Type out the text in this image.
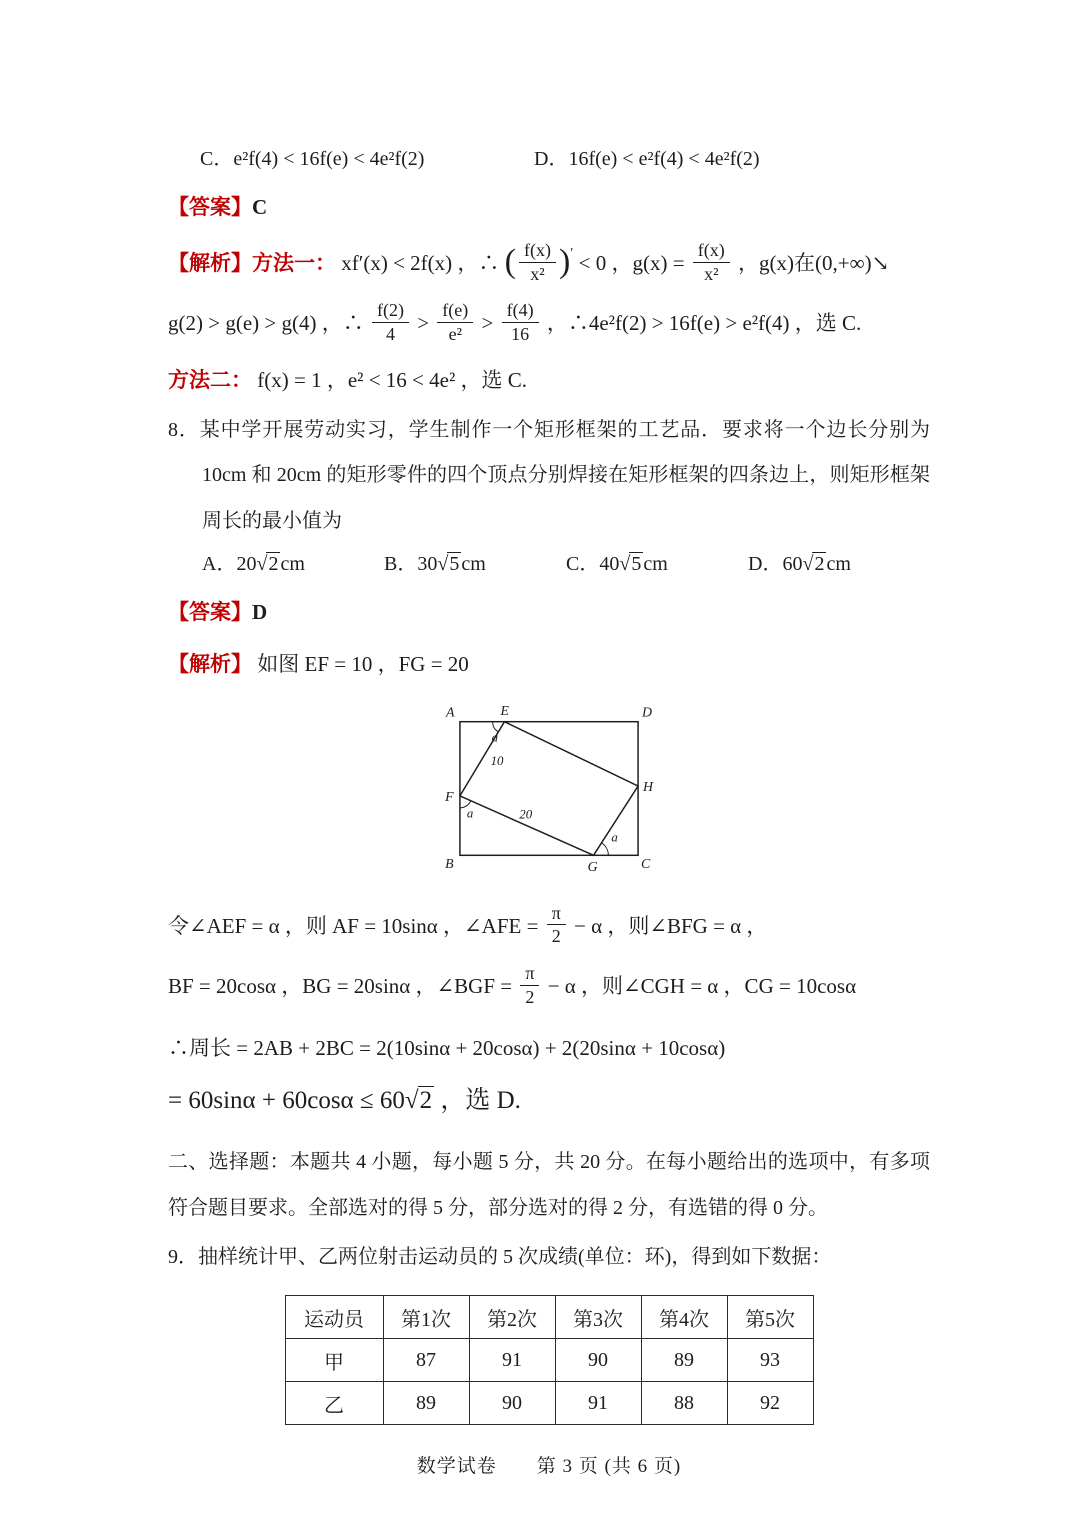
C．e²f(4) < 16f(e) < 4e²f(2)	D．16f(e) < e²f(4) < 4e²f(2)
【答案】C
【解析】方法一： xf′(x) < 2f(x) ，∴ ( $\frac{f(x)}{\text{x²}} )' < 0$ ，$g(x) = \frac{f(x)}{\text{x²}}$ ，g(x)在(0,+∞)↘
g(2) > g(e) > g(4) ，∴ $\frac{f(2)}{4} > \frac{f(e)}{\text{e²}} > \frac{f(4)}{16}$ ，∴4e²f(2) > 16f(e) > e²f(4) ，选 C.
方法二： f(x) = 1 ，e² < 16 < 4e² ，选 C.
8．某中学开展劳动实习，学生制作一个矩形框架的工艺品．要求将一个边长分别为 10cm 和 20cm 的矩形零件的四个顶点分别焊接在矩形框架的四条边上，则矩形框架周长的最小值为
A．20√2 cm	B．30√5 cm	C．40√5 cm	D．60√2 cm
【答案】D
【解析】 如图 EF = 10 ，FG = 20
A	E	D
F
H
B	G	C
a
10
a	20
a
令∠AEF = α ，则 AF = 10sinα ，∠AFE = $\frac{\pi}{2} - \alpha$ ，则∠BFG = α ，
BF = 20cosα ，BG = 20sinα ，∠BGF = $\frac{\pi}{2} - \alpha$ ，则∠CGH = α ，CG = 10cosα
∴周长 = 2AB + 2BC = 2(10sinα + 20cosα) + 2(20sinα + 10cosα)
= 60sinα + 60cosα ≤ 60√2 ，选 D.
二、选择题：本题共 4 小题，每小题 5 分，共 20 分。在每小题给出的选项中，有多项符合题目要求。全部选对的得 5 分，部分选对的得 2 分，有选错的得 0 分。
9．抽样统计甲、乙两位射击运动员的 5 次成绩(单位：环)，得到如下数据：
运动员	第1次	第2次	第3次	第4次	第5次
甲	87	91	90	89	93
乙	89	90	91	88	92
数学试卷　　第 3 页 (共 6 页)
